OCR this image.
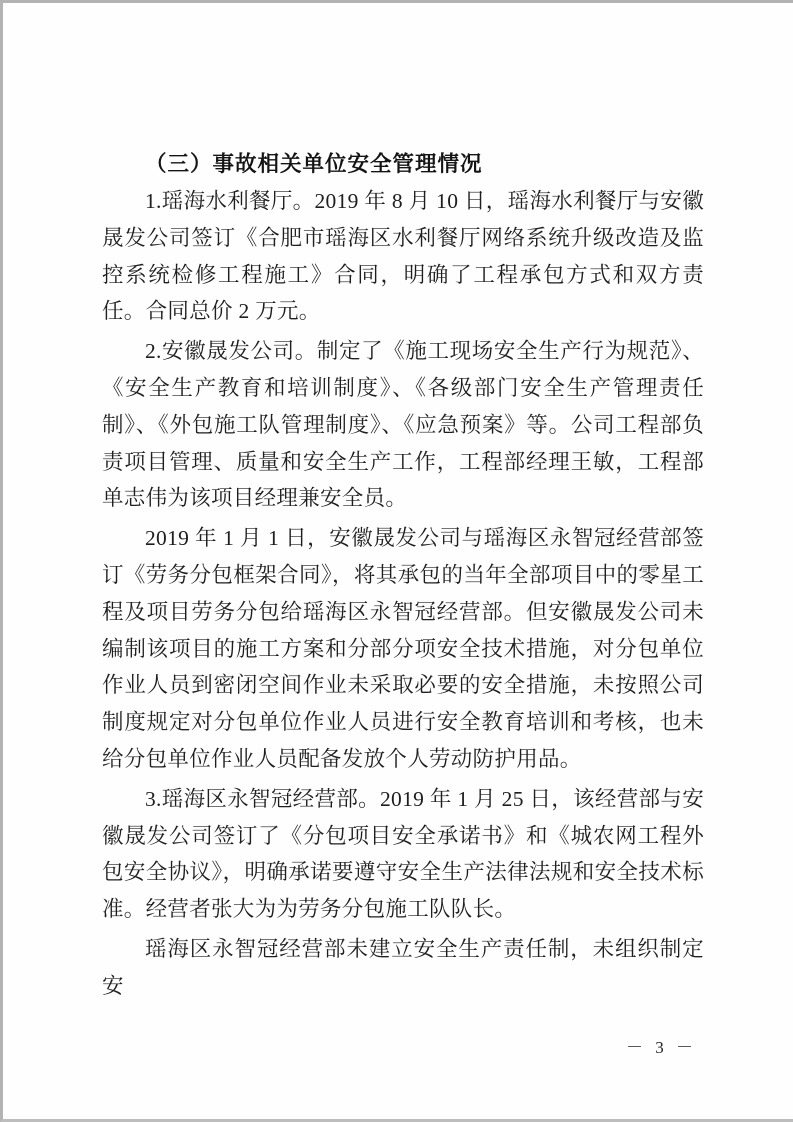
（三）事故相关单位安全管理情况

1.瑶海水利餐厅。2019 年 8 月 10 日，瑶海水利餐厅与安徽晟发公司签订《合肥市瑶海区水利餐厅网络系统升级改造及监控系统检修工程施工》合同，明确了工程承包方式和双方责任。合同总价 2 万元。

2.安徽晟发公司。制定了《施工现场安全生产行为规范》、《安全生产教育和培训制度》、《各级部门安全生产管理责任制》、《外包施工队管理制度》、《应急预案》等。公司工程部负责项目管理、质量和安全生产工作，工程部经理王敏，工程部单志伟为该项目经理兼安全员。

2019 年 1 月 1 日，安徽晟发公司与瑶海区永智冠经营部签订《劳务分包框架合同》，将其承包的当年全部项目中的零星工程及项目劳务分包给瑶海区永智冠经营部。但安徽晟发公司未编制该项目的施工方案和分部分项安全技术措施，对分包单位作业人员到密闭空间作业未采取必要的安全措施，未按照公司制度规定对分包单位作业人员进行安全教育培训和考核，也未给分包单位作业人员配备发放个人劳动防护用品。

3.瑶海区永智冠经营部。2019 年 1 月 25 日，该经营部与安徽晟发公司签订了《分包项目安全承诺书》和《城农网工程外包安全协议》，明确承诺要遵守安全生产法律法规和安全技术标准。经营者张大为为劳务分包施工队队长。

瑶海区永智冠经营部未建立安全生产责任制，未组织制定安

－ 3 －
